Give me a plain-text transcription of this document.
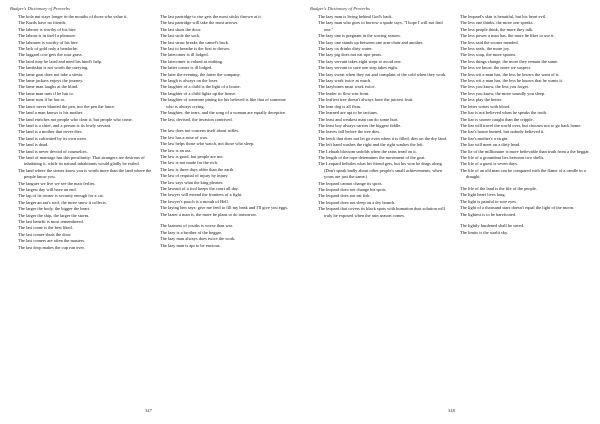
Badger's Dictionary of Proverbs

The kola nut stays longer in the mouths of those who value it.

The Kurds have no friends.

The laborer is worthy of his hire.

The labour is in itself a pleasure.

The labourer is worthy of his hire.

The lack of gold only a headache.

The laggard cow gets the sour grass.

The laird may be laird and need his hind's help.

The lambskin is not worth the currying.

The lame goat does not take a siesta.

The lame jackass enjoys the journey.

The lame man laughs at the blind.

The lame man runs if he has to.

The lame runs if he has to.

The lance never blunted the pen, nor the pen the lance.

The land a man knows is his mother.

The land enriches not people who clear it, but people who come.

The land is a chief, and a person is its lowly servant.

The land is a mother that never dies.

The land is cultivated by its own oxen.

The land is dead.

The land is never devoid of counselors.

The land of marriage has this peculiarity: That strangers are desirous of inhabiting it, while its natural inhabitants would gladly be exiled.

The land where the stones know you is worth more than the land where the people know you.

The languer we live we see the mair ferlies.

The largest day will have an end.

The lap of its owner is security enough for a cat.

The larger an ant's roof, the more snow it collects.

The larger the body, the bigger the heart.

The larger the ship, the larger the storm.

The last benefit is most remembered.

The last come is the best liked.

The last comer shuts the door.

The last comers are often the masters.

The last drop makes the cup run over.

The last partridge to rise gets the most sticks thrown at it.

The last partridge will take the most arrows.

The last shuts the door.

The last stole the sack.

The last straw breaks the camel's back.

The last to breathe is the first to drown.

The latecomer is ill lodged.

The latecomer is valued as nothing.

The latter comer is ill lodged.

The later the evening, the fairer the company.

The laugh is always on the loser.

The laughter of a child is the light of a house.

The laughter of a child lights up the house.

The laughter of someone pining for his beloved is like that of someone who is always crying.

The laughter, the tears, and the song of a woman are equally deceptive.

The law, devised, the invasion contrived.

The law does not concern itself about trifles.

The law has a nose of wax.

The law helps those who watch, not those who sleep.

The law is an ass.

The law is good, but people are not.

The law is not made for the rich.

The law is three days older than the earth.

The law of requital of injury by injury.

The law says what the king pleases.

The lawsuit of a fool keeps the court all day.

The lawyer will extend the frontiers of a fight.

The lawyer's pouch is a mouth of Hell.

The laying hen says: give me feed to fill my beak and I'll give you eggs.

The lazier a man is, the more he plans to do tomorrow.

The laziness of youths is worse than war.

The lazy is a brother of the beggar.

The lazy man always does twice the work.

The lazy man is apt to be envious.

347
Badger's Dictionary of Proverbs

The lazy man is living behind God's back.

The lazy man who goes to borrow a spade says, "I hope I will not find one."

The lazy one is pregnant in the sowing season.

The lazy one stands up between one arm-chair and another.

The lazy ox drinks dirty water.

The lazy pig does not eat ripe pears.

The lazy servant takes eight steps to avoid one.

The lazy servant to save one step takes eight.

The lazy sweat when they eat and complain of the cold when they work.

The lazy work twice as much.

The lazybones must work twice.

The leader to flow win front.

The leafiest tree doesn't always have the juiciest fruit.

The lean dog is all fleas.

The learned are apt to be taciturn.

The least and weakest man can do some hurt.

The least boy always carries the biggest fiddle.

The leaves fall before the tree dies.

The leech that does not let go even when it is filled, dies on the dry land.

The left hand washes the right and the right washes the left.

The Lehuah blossom unfolds when the rains tread on it.

The length of the rope determines the movement of the goat.

The Leopard belittles what his friend gets, but his won he drags along (Don't speak badly about other people's small achievements, when yours are just the same.)

The leopard cannot change its spots.

The leopard does not change his spots.

The leopard does not eat fish.

The leopard does not sleep on a dry branch.

The leopard that covers its black spots with humation dust solution will truly be exposed when the rain season comes.

The leopard's skin is beautiful, but his heart evil.

The less one thinks, the more one speaks.

The less people think, the more they talk.

The less power a man has, the more he likes to use it.

The less said the sooner mended.

The less seals, the more joy.

The less soap, the more spoons.

The less things change, the more they remain the same.

The less we know, the more we suspect.

The less wit a man has, the less he knows the want of it.

The less wit a man has, the less he knows that he wants it.

The less you know, the less you forget.

The less you know, the more soundly you sleep.

The less play the better.

The letter writes with blood.

The liar is not believed when he speaks the truth.

The liar is sooner caught than the cripple.

The liar will travel the world over, but chooses not to go back home.

The liar's house burned, but nobody believed it.

The liar's mother's a virgin.

The liar will meet on a dirty head.

The lie of the millionaire is more believable than truth from a the beggar.

The life of a groundnut lies between two shells.

The life of a guest is seven days.

The life of an old man can be compared with the flame of a candle in a draught.

The life of the land is the life of the people.

The light heart lives long.

The light is painful to sore eyes.

The light of a thousand stars doesn't equal the light of the moon.

The lightest is to be barefooted.

The lightly burdened shall be saved.

The limits is the starlit sky.

348
